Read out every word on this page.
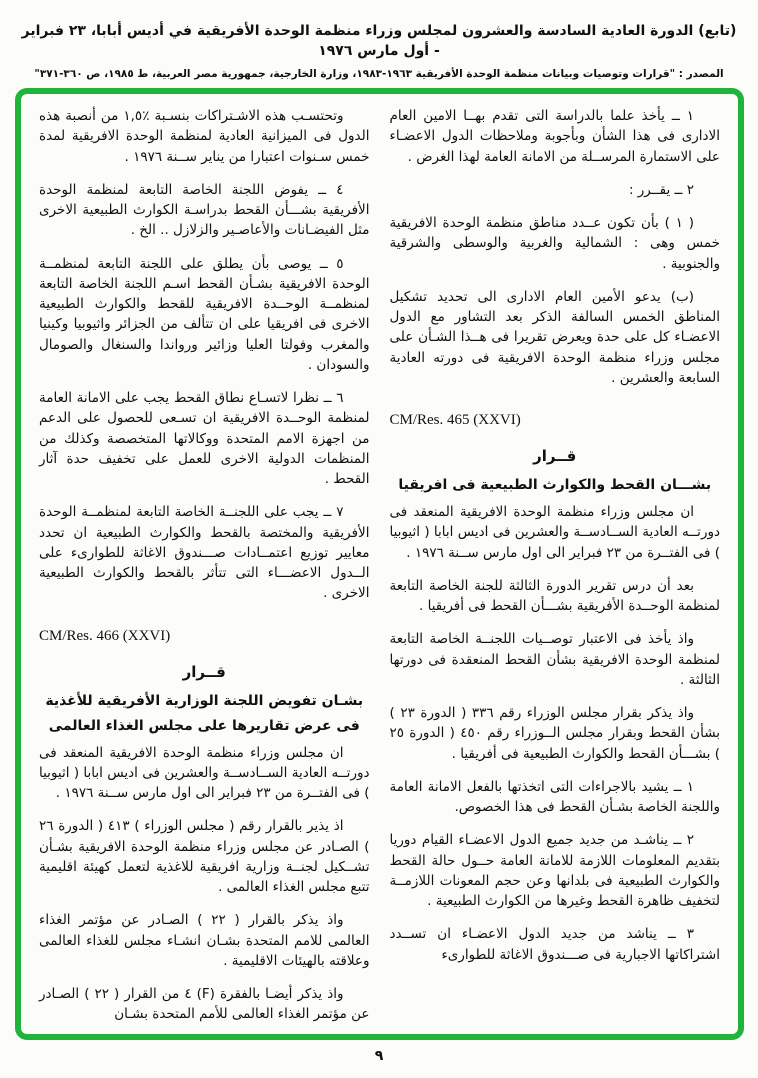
(تابع) الدورة العادية السادسة والعشرون لمجلس وزراء منظمة الوحدة الأفريقية في أديس أبابا، ٢٣ فبراير - أول مارس ١٩٧٦
المصدر : "قرارات وتوصيات وبيانات منظمة الوحدة الأفريقية ١٩٦٣-١٩٨٣، وزارة الخارجية، جمهورية مصر العربية، ط ١٩٨٥، ص ٣٦٠-٣٧١"
١ ــ يأخذ علما بالدراسة التى تقدم بهــا الامين العام الادارى فى هذا الشأن وبأجوبة وملاحظات الدول الاعضـاء على الاستمارة المرســلة من الامانة العامة لهذا الغرض .
٢ ــ يقــرر :
( ١ ) بأن تكون عــدد مناطق منظمة الوحدة الافريقية خمس وهى : الشمالية والغربية والوسطى والشرقية والجنوبية .
(ب) يدعو الأمين العام الادارى الى تحديد تشكيل المناطق الخمس السالفة الذكر بعد التشاور مع الدول الاعضـاء كل على حدة ويعرض تقريرا فى هــذا الشـأن على مجلس وزراء منظمة الوحدة الافريقية فى دورته العادية السابعة والعشرين .
CM/Res. 465 (XXVI)
قــرار
بشـــان القحط والكوارث الطبيعية فى افريقيا
ان مجلس وزراء منظمة الوحدة الافريقية المنعقد فى دورتــه العادية الســادســة والعشرين فى اديس ابابا ( اثيوبيا ) فى الفتــرة من ٢٣ فبراير الى اول مارس ســنة ١٩٧٦ .
بعد أن درس تقرير الدورة الثالثة للجنة الخاصة التابعة لمنظمة الوحــدة الأفريقية بشـــأن القحط فى أفريقيا .
واذ يأخذ فى الاعتبار توصــيات اللجنــة الخاصة التابعة لمنظمة الوحدة الافريقية بشأن القحط المنعقدة فى دورتها الثالثة .
واذ يذكر بقرار مجلس الوزراء رقم ٣٣٦ ( الدورة ٢٣ ) بشأن القحط وبقرار مجلس الــوزراء رقم ٤٥٠ ( الدورة ٢٥ ) بشـــأن القحط والكوارث الطبيعية فى أفريقيا .
١ ــ يشيد بالاجراءات التى اتخذتها بالفعل الامانة العامة واللجنة الخاصة بشـأن القحط فى هذا الخصوص.
٢ ــ يناشـد من جديد جميع الدول الاعضـاء القيام دوريا بتقديم المعلومات اللازمة للامانة العامة حــول حالة القحط والكوارث الطبيعية فى بلدانها وعن حجم المعونات اللازمــة لتخفيف ظاهرة القحط وغيرها من الكوارث الطبيعية .
٣ ــ يناشد من جديد الدول الاعضـاء ان تســدد اشتراكاتها الاجبارية فى صـــندوق الاغاثة للطوارىء
وتحتسـب هذه الاشـتراكات بنسـبة ٪١,٥ من أنصبة هذه الدول فى الميزانية العادية لمنظمة الوحدة الافريقية لمدة خمس سـنوات اعتبارا من يناير ســنة ١٩٧٦ .
٤ ــ يفوض اللجنة الخاصة التابعة لمنظمة الوحدة الأفريقية بشـــأن القحط بدراسـة الكوارث الطبيعية الاخرى مثل الفيضـانات والأعاصـير والزلازل .. الخ .
٥ ــ يوصى بأن يطلق على اللجنة التابعة لمنظمــة الوحدة الافريقية بشـأن القحط اسـم اللجنة الخاصة التابعة لمنظمــة الوحــدة الافريقية للقحط والكوارث الطبيعية الاخرى فى افريقيا على ان تتألف من الجزائر واثيوبيا وكينيا والمغرب وفولتا العليا وزائير ورواندا والسنغال والصومال والسودان .
٦ ــ نظرا لاتسـاع نطاق القحط يجب على الامانة العامة لمنظمة الوحــدة الافريقية ان تسـعى للحصول على الدعم من اجهزة الامم المتحدة ووكالاتها المتخصصة وكذلك من المنظمات الدولية الاخرى للعمل على تخفيف حدة آثار القحط .
٧ ــ يجب على اللجنــة الخاصة التابعة لمنظمــة الوحدة الأفريقية والمختصة بالقحط والكوارث الطبيعية ان تحدد معايير توزيع اعتمــادات صـــندوق الاغاثة للطوارىء على الــدول الاعضـــاء التى تتأثر بالقحط والكوارث الطبيعية الاخرى .
CM/Res. 466 (XXVI)
قــرار
بشـان تفويض اللجنة الوزارية الأفريقية للأغذية
فى عرض تقاريرها على مجلس الغذاء العالمى
ان مجلس وزراء منظمة الوحدة الافريقية المنعقد فى دورتــه العادية الســادســة والعشرين فى اديس ابابا ( اثيوبيا ) فى الفتــرة من ٢٣ فبراير الى اول مارس ســنة ١٩٧٦ .
اذ يذير بالقرار رقم ( مجلس الوزراء ) ٤١٣ ( الدورة ٢٦ ) الصـادر عن مجلس وزراء منظمة الوحدة الافريقية بشـأن تشــكيل لجنــة وزارية افريقية للاغذية لتعمل كهيئة اقليمية تتبع مجلس الغذاء العالمى .
واذ يذكر بالقرار ( ٢٢ ) الصـادر عن مؤتمر الغذاء العالمى للامم المتحدة بشـان انشـاء مجلس للغذاء العالمى وعلاقته بالهيئات الاقليمية .
واذ يذكر أيضـا بالفقرة (F) ٤ من القرار ( ٢٢ ) الصـادر عن مؤتمر الغذاء العالمى للأمم المتحدة بشـان
٩
